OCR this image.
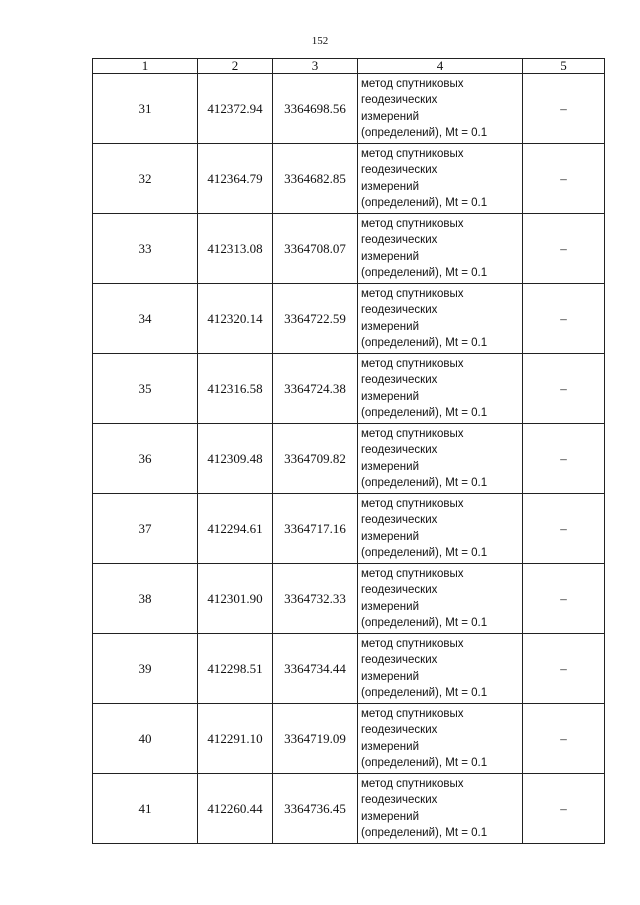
152
1	2	3	4	5
31	412372.94	3364698.56	метод спутниковых
геодезических
измерений
(определений), Mt = 0.1	–
32	412364.79	3364682.85	метод спутниковых
геодезических
измерений
(определений), Mt = 0.1	–
33	412313.08	3364708.07	метод спутниковых
геодезических
измерений
(определений), Mt = 0.1	–
34	412320.14	3364722.59	метод спутниковых
геодезических
измерений
(определений), Mt = 0.1	–
35	412316.58	3364724.38	метод спутниковых
геодезических
измерений
(определений), Mt = 0.1	–
36	412309.48	3364709.82	метод спутниковых
геодезических
измерений
(определений), Mt = 0.1	–
37	412294.61	3364717.16	метод спутниковых
геодезических
измерений
(определений), Mt = 0.1	–
38	412301.90	3364732.33	метод спутниковых
геодезических
измерений
(определений), Mt = 0.1	–
39	412298.51	3364734.44	метод спутниковых
геодезических
измерений
(определений), Mt = 0.1	–
40	412291.10	3364719.09	метод спутниковых
геодезических
измерений
(определений), Mt = 0.1	–
41	412260.44	3364736.45	метод спутниковых
геодезических
измерений
(определений), Mt = 0.1	–
